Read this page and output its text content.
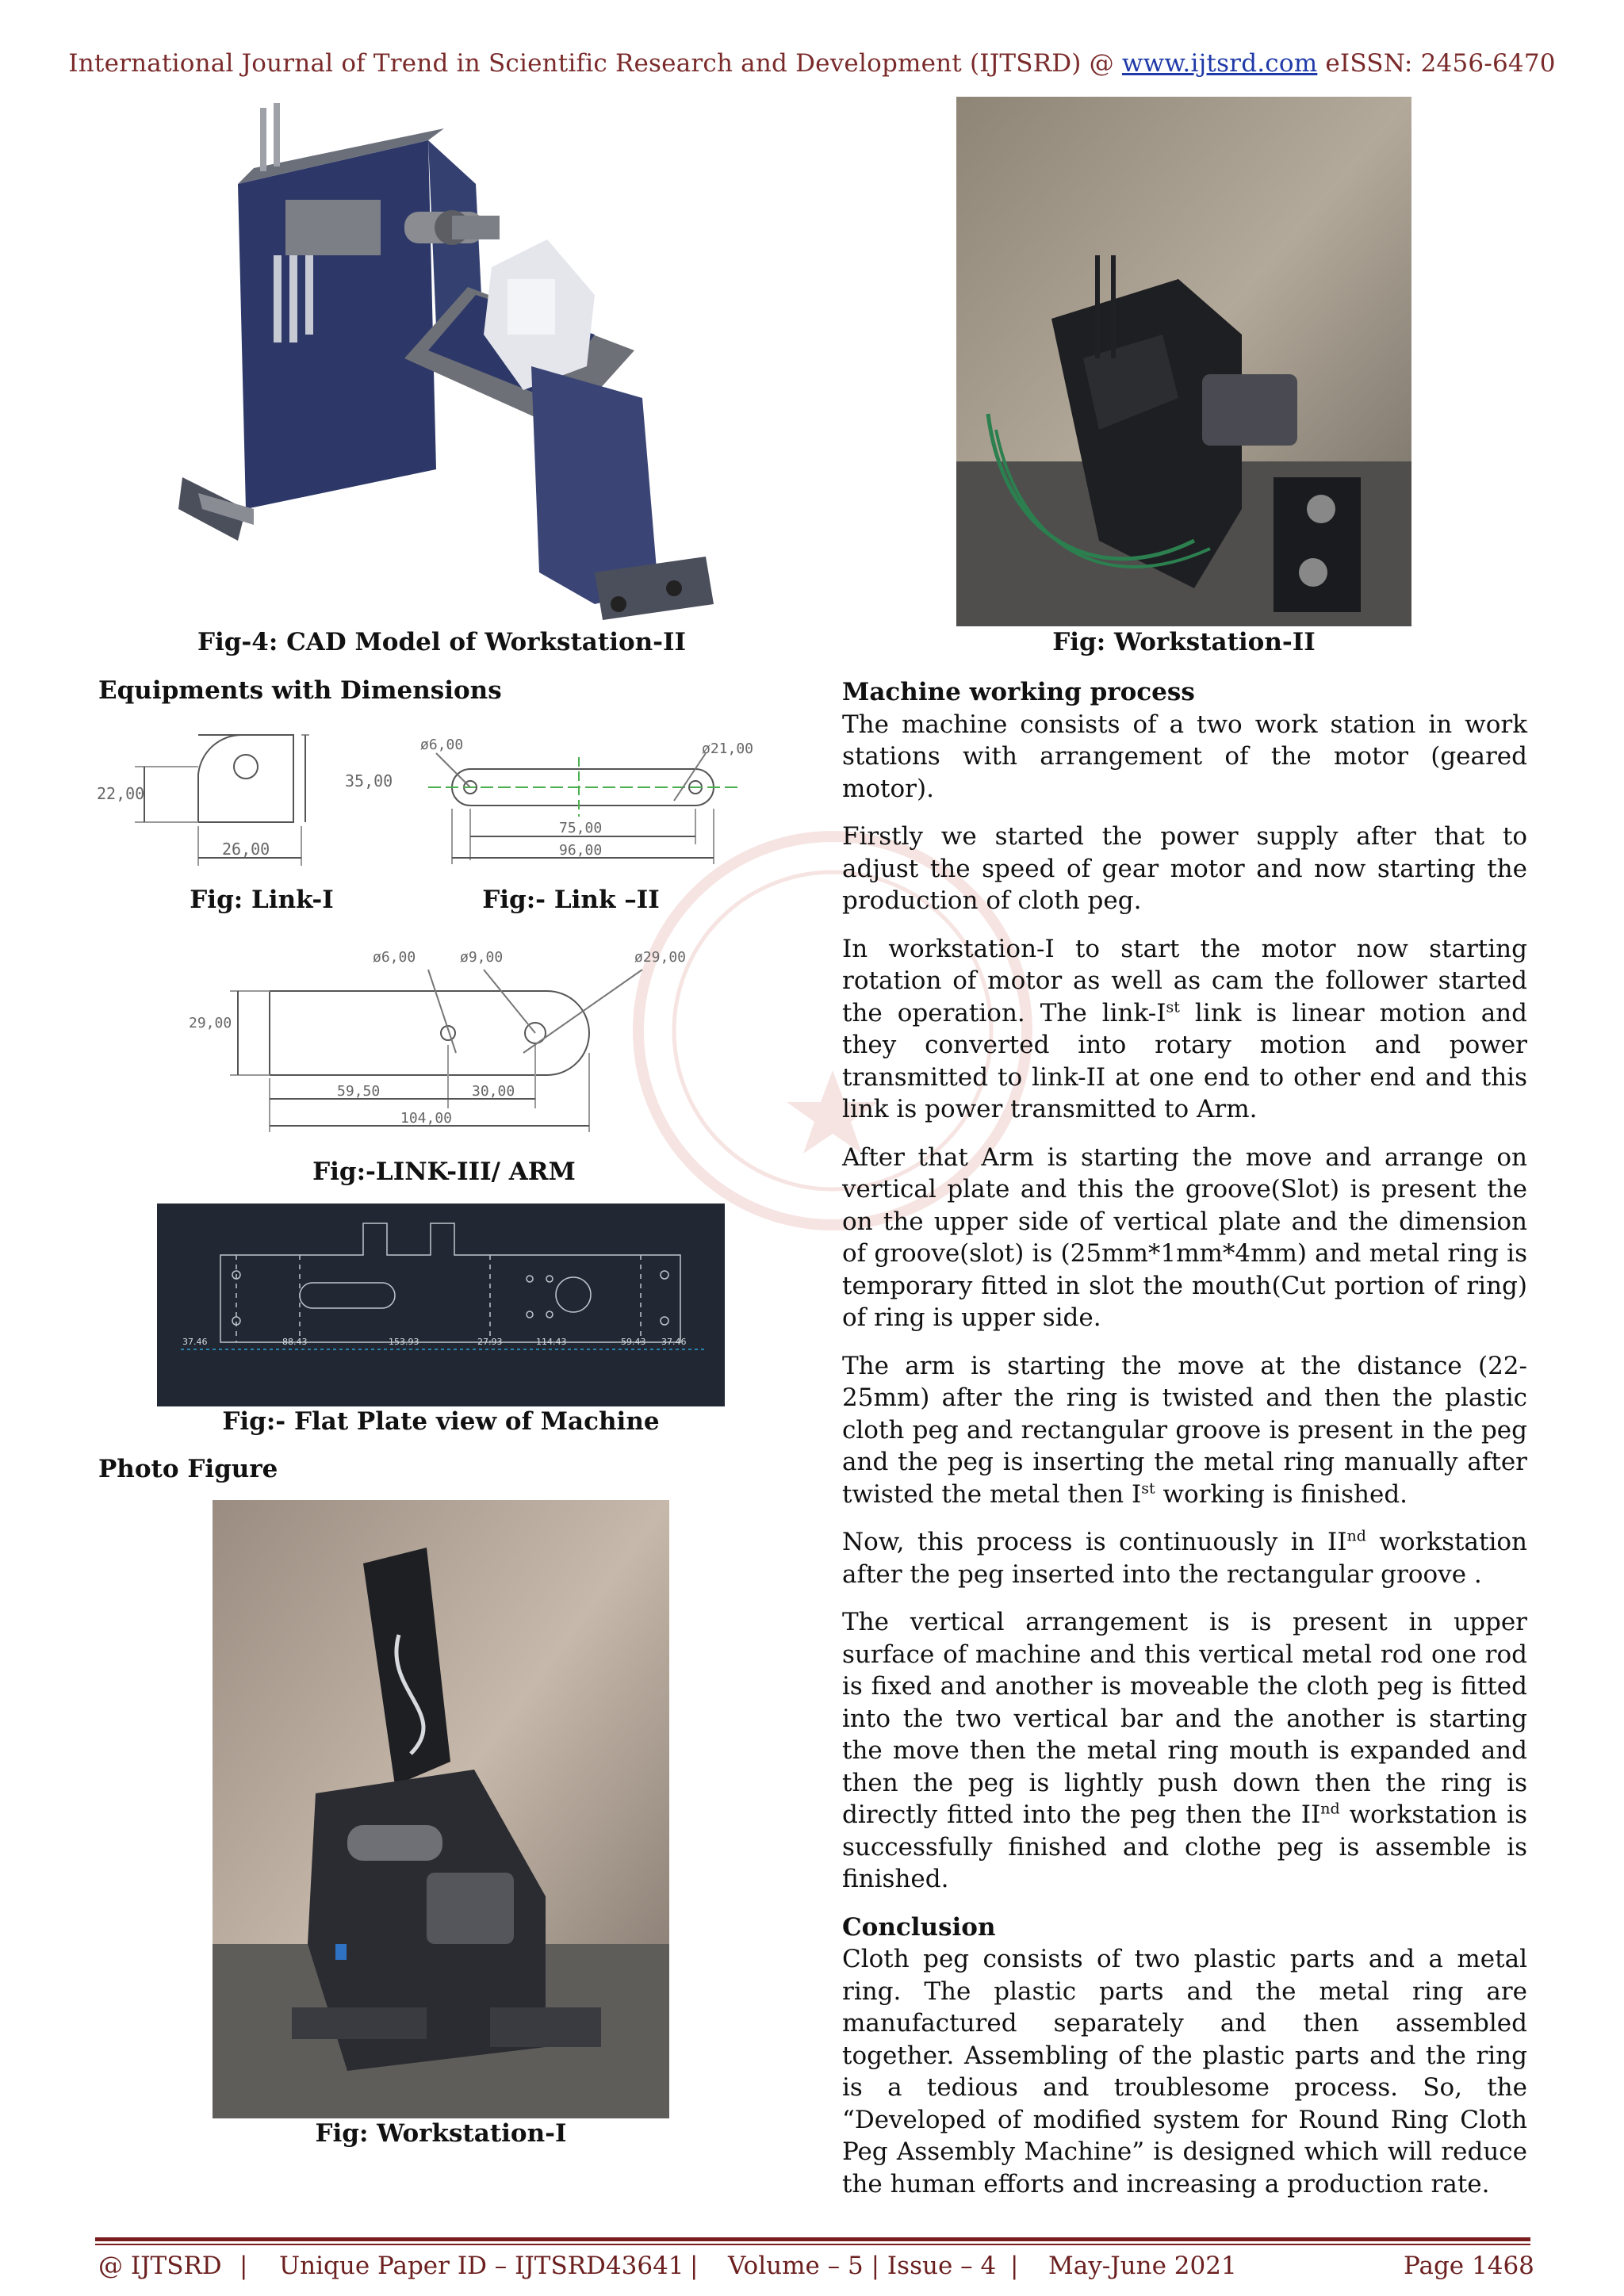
International Journal of Trend in Scientific Research and Development (IJTSRD) @ www.ijtsrd.com eISSN: 2456-6470
Fig-4: CAD Model of Workstation-II	Fig: Workstation-II
Equipments with Dimensions
22,00
35,00
26,00
ø6,00	ø21,00
75,00
96,00
Fig: Link-I	Fig:- Link –II
ø6,00	ø9,00	ø29,00
29,00
59,50	30,00
104,00
Fig:-LINK-III/ ARM
37.46	88.43	153.93	27.93	114.43	59.43 37.46
Fig:- Flat Plate view of Machine
Photo Figure
Fig: Workstation-I
Machine working process

The machine consists of a two work station in work stations with arrangement of the motor (geared motor).

Firstly we started the power supply after that to adjust the speed of gear motor and now starting the production of cloth peg.

In workstation-I to start the motor now starting rotation of motor as well as cam the follower started the operation. The link-Ist link is linear motion and they converted into rotary motion and power transmitted to link-II at one end to other end and this link is power transmitted to Arm.

After that Arm is starting the move and arrange on vertical plate and this the groove(Slot) is present the on the upper side of vertical plate and the dimension of groove(slot) is (25mm*1mm*4mm) and metal ring is temporary fitted in slot the mouth(Cut portion of ring) of ring is upper side.

The arm is starting the move at the distance (22-25mm) after the ring is twisted and then the plastic cloth peg and rectangular groove is present in the peg and the peg is inserting the metal ring manually after twisted the metal then Ist working is finished.

Now, this process is continuously in IInd workstation after the peg inserted into the rectangular groove .

The vertical arrangement is is present in upper surface of machine and this vertical metal rod one rod is fixed and another is moveable the cloth peg is fitted into the two vertical bar and the another is starting the move then the metal ring mouth is expanded and then the peg is lightly push down then the ring is directly fitted into the peg then the IInd workstation is successfully finished and clothe peg is assemble is finished.

Conclusion

Cloth peg consists of two plastic parts and a metal ring. The plastic parts and the metal ring are manufactured separately and then assembled together. Assembling of the plastic parts and the ring is a tedious and troublesome process. So, the “Developed of modified system for Round Ring Cloth Peg Assembly Machine” is designed which will reduce the human efforts and increasing a production rate.

@ IJTSRD | Unique Paper ID – IJTSRD43641 | Volume – 5 | Issue – 4 | May-June 2021	Page 1468
